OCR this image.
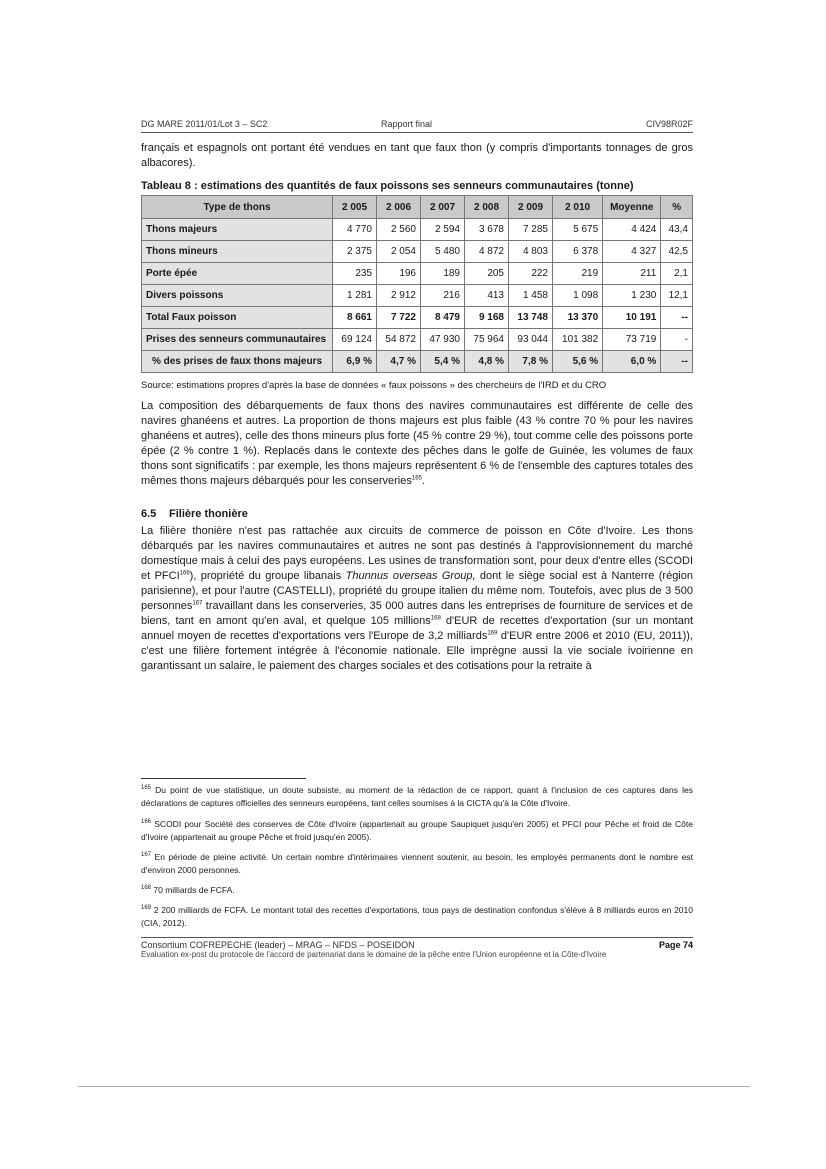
DG MARE 2011/01/Lot 3 – SC2	Rapport final	CIV98R02F
français et espagnols ont portant été vendues en tant que faux thon (y compris d'importants tonnages de gros albacores).
Tableau 8 : estimations des quantités de faux poissons ses senneurs communautaires (tonne)
Type de thons	2 005	2 006	2 007	2 008	2 009	2 010	Moyenne	%
Thons majeurs	4 770	2 560	2 594	3 678	7 285	5 675	4 424	43,4
Thons mineurs	2 375	2 054	5 480	4 872	4 803	6 378	4 327	42,5
Porte épée	235	196	189	205	222	219	211	2,1
Divers poissons	1 281	2 912	216	413	1 458	1 098	1 230	12,1
Total Faux poisson	8 661	7 722	8 479	9 168	13 748	13 370	10 191	--
Prises des senneurs communautaires	69 124	54 872	47 930	75 964	93 044	101 382	73 719	-
% des prises de faux thons majeurs	6,9 %	4,7 %	5,4 %	4,8 %	7,8 %	5,6 %	6,0 %	--
Source: estimations propres d'après la base de données « faux poissons » des chercheurs de l'IRD et du CRO
La composition des débarquements de faux thons des navires communautaires est différente de celle des navires ghanéens et autres. La proportion de thons majeurs est plus faible (43 % contre 70 % pour les navires ghanéens et autres), celle des thons mineurs plus forte (45 % contre 29 %), tout comme celle des poissons porte épée (2 % contre 1 %). Replacés dans le contexte des pêches dans le golfe de Guinée, les volumes de faux thons sont significatifs : par exemple, les thons majeurs représentent 6 % de l'ensemble des captures totales des mêmes thons majeurs débarqués pour les conserveries$^{165}$.
6.5 Filière thonière
La filière thonière n'est pas rattachée aux circuits de commerce de poisson en Côte d'Ivoire. Les thons débarqués par les navires communautaires et autres ne sont pas destinés à l'approvisionnement du marché domestique mais à celui des pays européens. Les usines de transformation sont, pour deux d'entre elles (SCODI et PFCI$^{166}$), propriété du groupe libanais Thunnus overseas Group, dont le siège social est à Nanterre (région parisienne), et pour l'autre (CASTELLI), propriété du groupe italien du même nom. Toutefois, avec plus de 3 500 personnes$^{167}$ travaillant dans les conserveries, 35 000 autres dans les entreprises de fourniture de services et de biens, tant en amont qu'en aval, et quelque 105 millions$^{168}$ d'EUR de recettes d'exportation (sur un montant annuel moyen de recettes d'exportations vers l'Europe de 3,2 milliards$^{169}$ d'EUR entre 2006 et 2010 (EU, 2011)), c'est une filière fortement intégrée à l'économie nationale. Elle imprègne aussi la vie sociale ivoirienne en garantissant un salaire, le paiement des charges sociales et des cotisations pour la retraite à
$^{165}$ Du point de vue statistique, un doute subsiste, au moment de la rédaction de ce rapport, quant à l'inclusion de ces captures dans les déclarations de captures officielles des senneurs européens, tant celles soumises à la CICTA qu'à la Côte d'Ivoire.
$^{166}$ SCODI pour Société des conserves de Côte d'Ivoire (appartenait au groupe Saupiquet jusqu'en 2005) et PFCI pour Pêche et froid de Côte d'Ivoire (appartenait au groupe Pêche et froid jusqu'en 2005).
$^{167}$ En période de pleine activité. Un certain nombre d'intérimaires viennent soutenir, au besoin, les employés permanents dont le nombre est d'environ 2000 personnes.
$^{168}$ 70 milliards de FCFA.
$^{169}$ 2 200 milliards de FCFA. Le montant total des recettes d'exportations, tous pays de destination confondus s'élève à 8 milliards euros en 2010 (CIA, 2012).
Consortium COFREPECHE (leader) – MRAG – NFDS – POSEIDON	Page 74
Evaluation ex-post du protocole de l'accord de partenariat dans le domaine de la pêche entre l'Union européenne et la Côte-d'Ivoire
